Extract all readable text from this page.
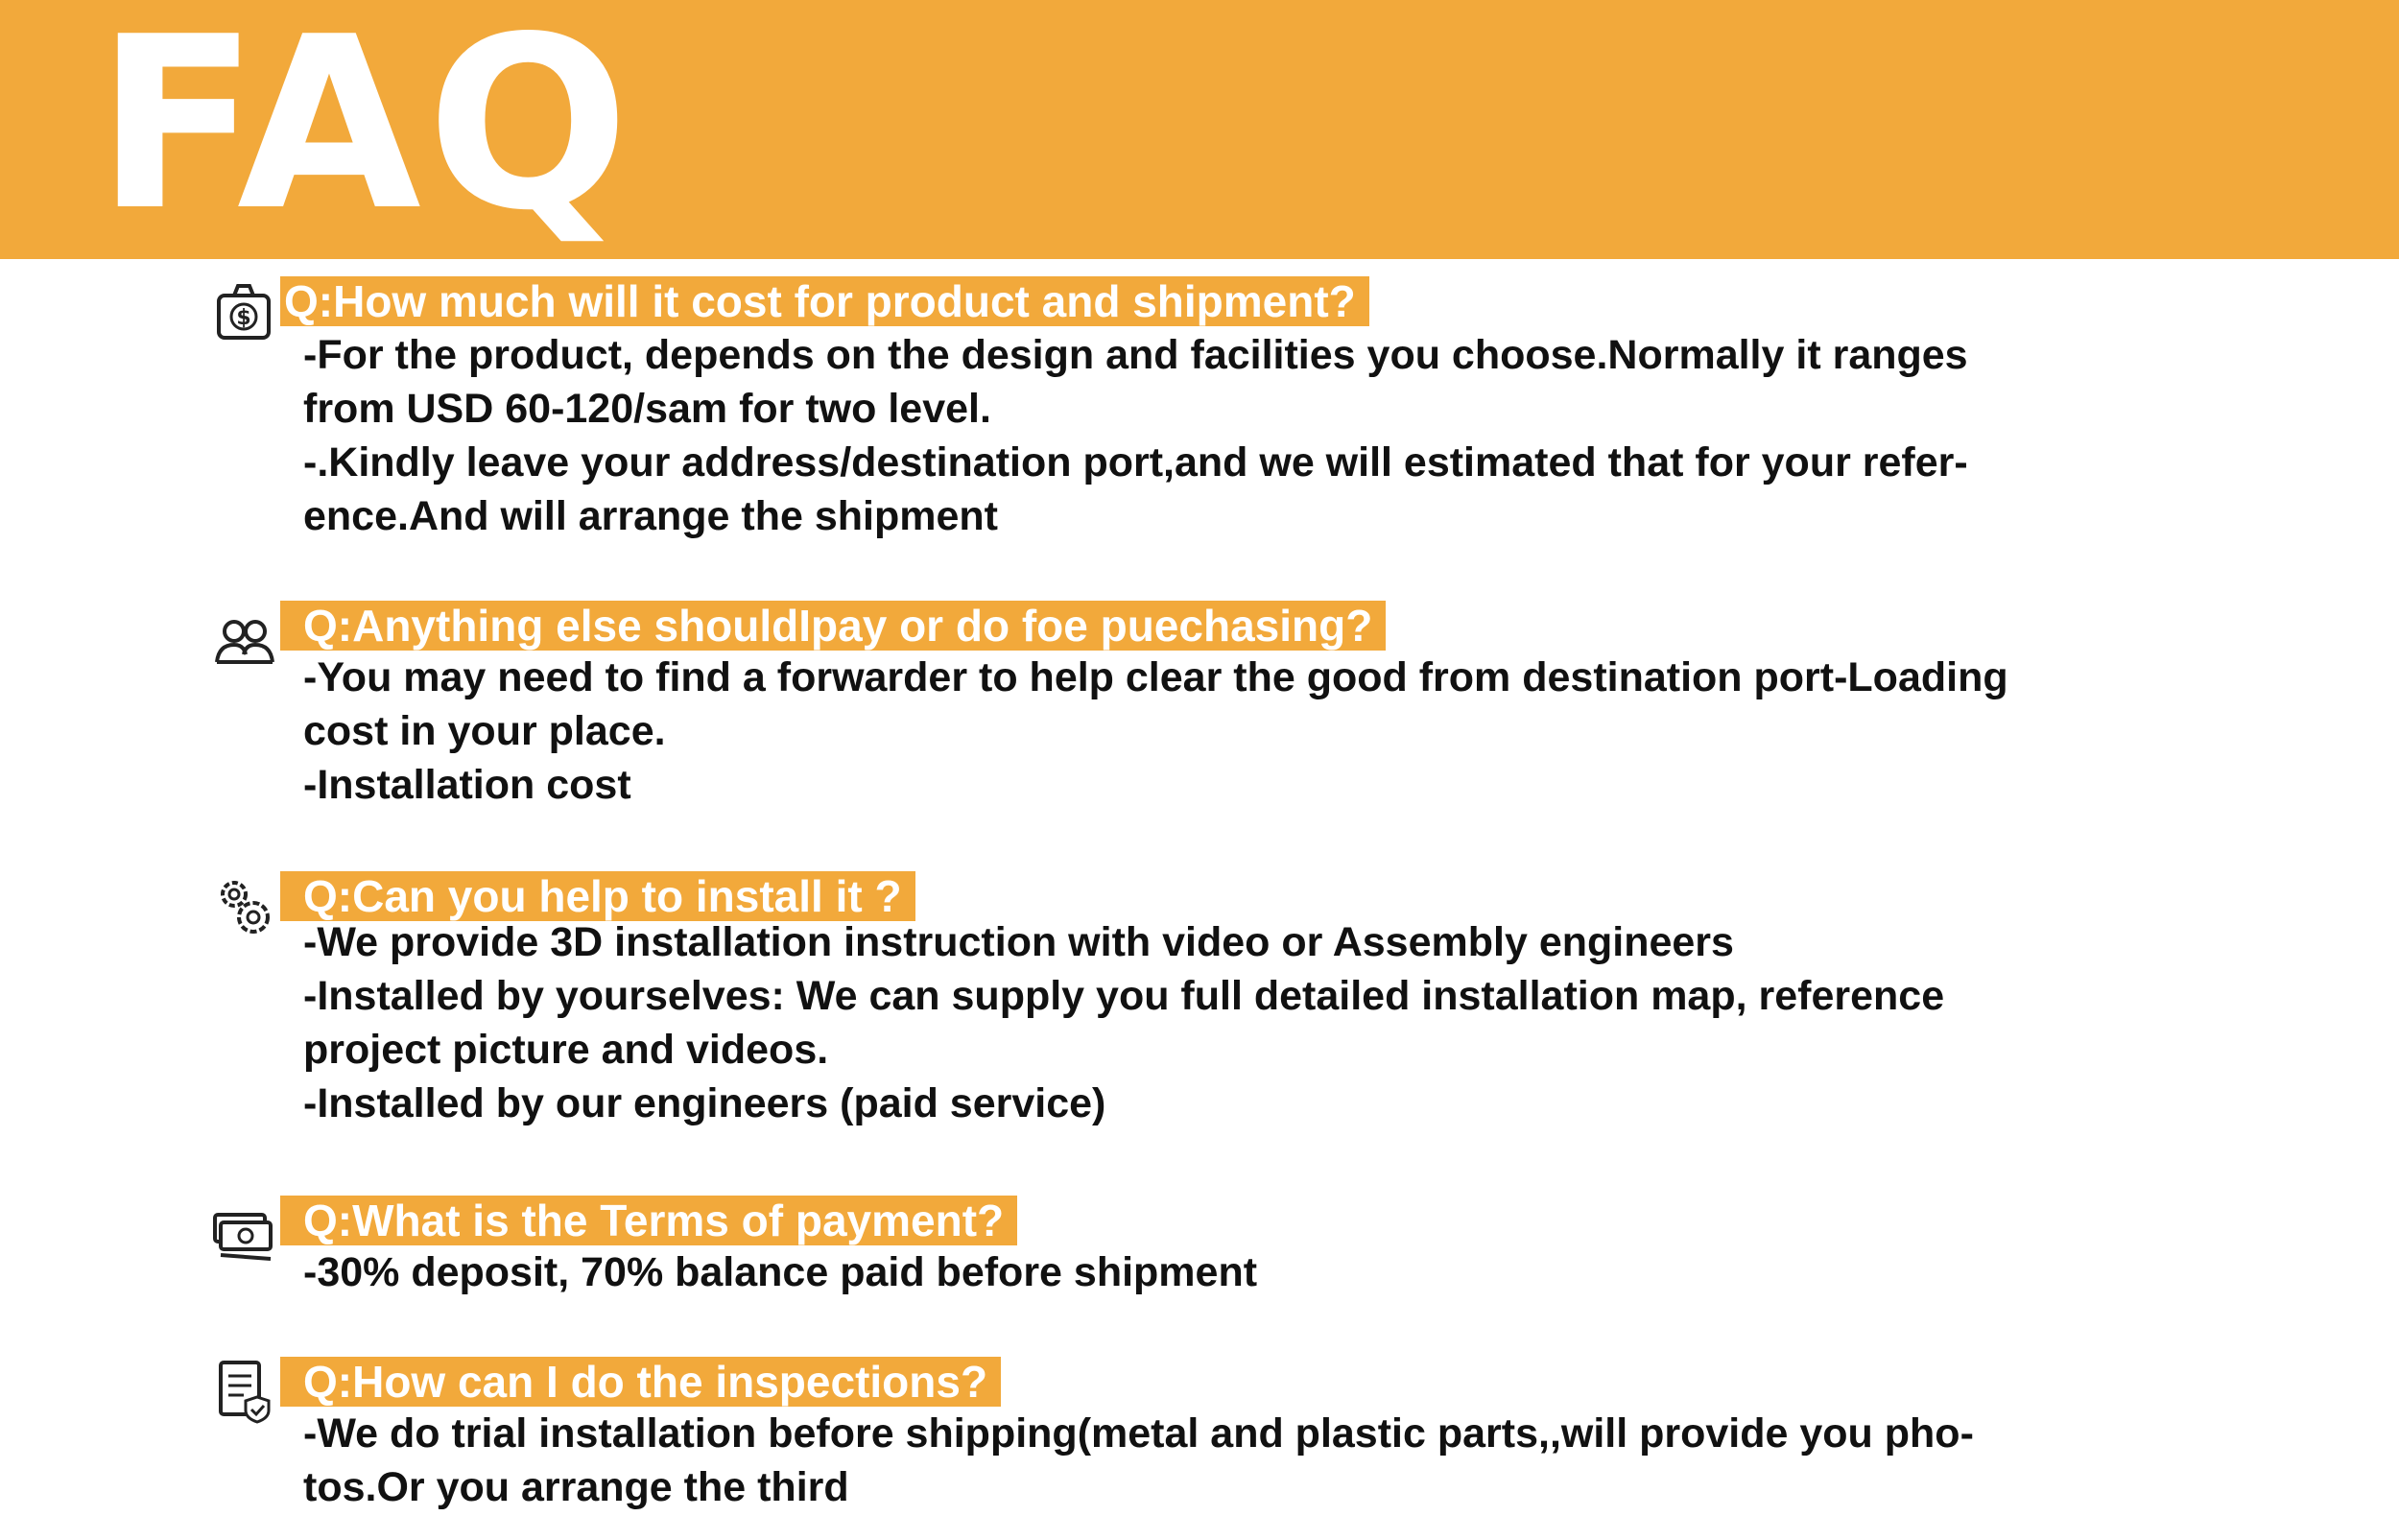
FAQ
$ Q:How much will it cost for product and shipment?
-For the product, depends on the design and facilities you choose.Normally it ranges
from USD 60-120/sam for two level.
-.Kindly leave your address/destination port,and we will estimated that for your refer-
ence.And will arrange the shipment
Q:Anything else shouldIpay or do foe puechasing?
-You may need to find a forwarder to help clear the good from destination port-Loading
cost in your place.
-Installation cost
Q:Can you help to install it ?
-We provide 3D installation instruction with video or Assembly engineers
-Installed by yourselves: We can supply you full detailed installation map, reference
project picture and videos.
-Installed by our engineers (paid service)
Q:What is the Terms of payment?
-30% deposit, 70% balance paid before shipment
Q:How can I do the inspections?
-We do trial installation before shipping(metal and plastic parts,,will provide you pho-
tos.Or you arrange the third
